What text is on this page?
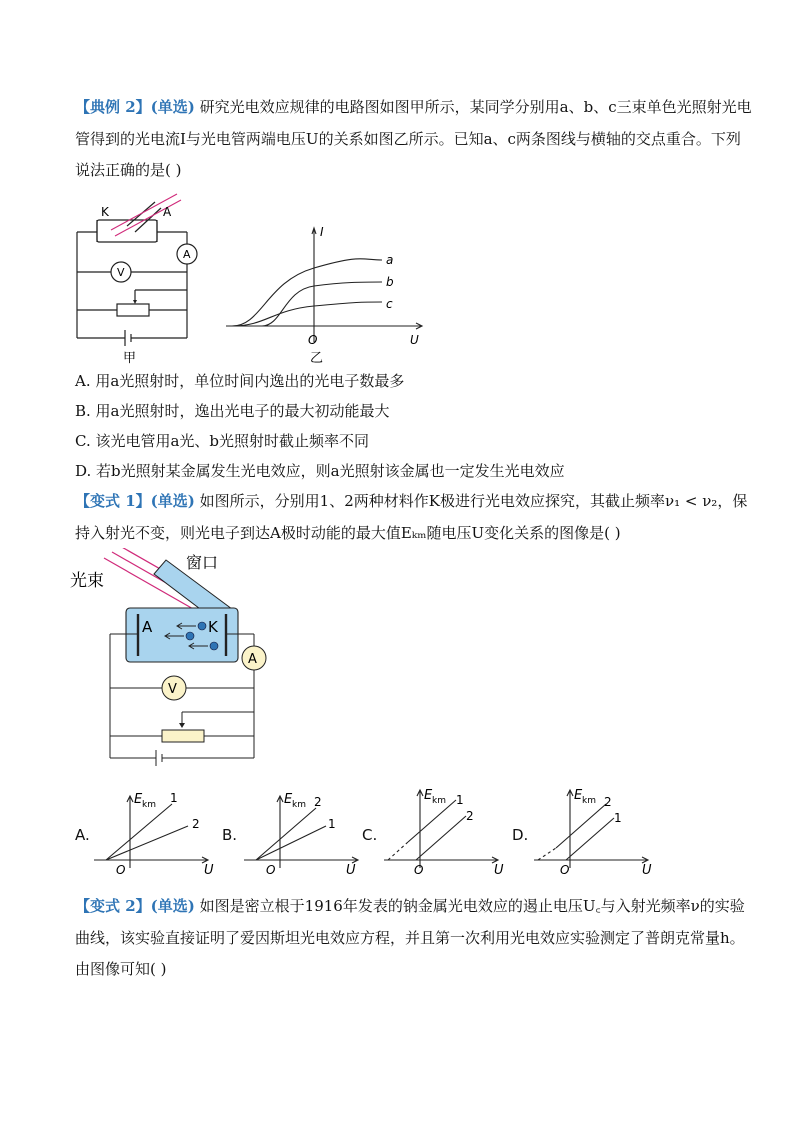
【典例 2】(单选) 研究光电效应规律的电路图如图甲所示，某同学分别用a、b、c三束单色光照射光电
管得到的光电流I与光电管两端电压U的关系如图乙所示。已知a、c两条图线与横轴的交点重合。下列
说法正确的是( )
K	A
A
V
甲
I
U
O
a
b
c
乙
A. 用a光照射时，单位时间内逸出的光电子数最多
B. 用a光照射时，逸出光电子的最大初动能最大
C. 该光电管用a光、b光照射时截止频率不同
D. 若b光照射某金属发生光电效应，则a光照射该金属也一定发生光电效应
【变式 1】(单选) 如图所示，分别用1、2两种材料作K极进行光电效应探究，其截止频率ν₁ < ν₂，保
持入射光不变，则光电子到达A极时动能的最大值Eₖₘ随电压U变化关系的图像是( )
光束
窗口
A	K
A
V
A.
E km 1
2
O	U
B.
E km 2
1
O	U
C.
E km 1
2
O	U
D.
E km 2
1
O	U
【变式 2】(单选) 如图是密立根于1916年发表的钠金属光电效应的遏止电压U꜀与入射光频率ν的实验
曲线，该实验直接证明了爱因斯坦光电效应方程，并且第一次利用光电效应实验测定了普朗克常量h。
由图像可知( )
